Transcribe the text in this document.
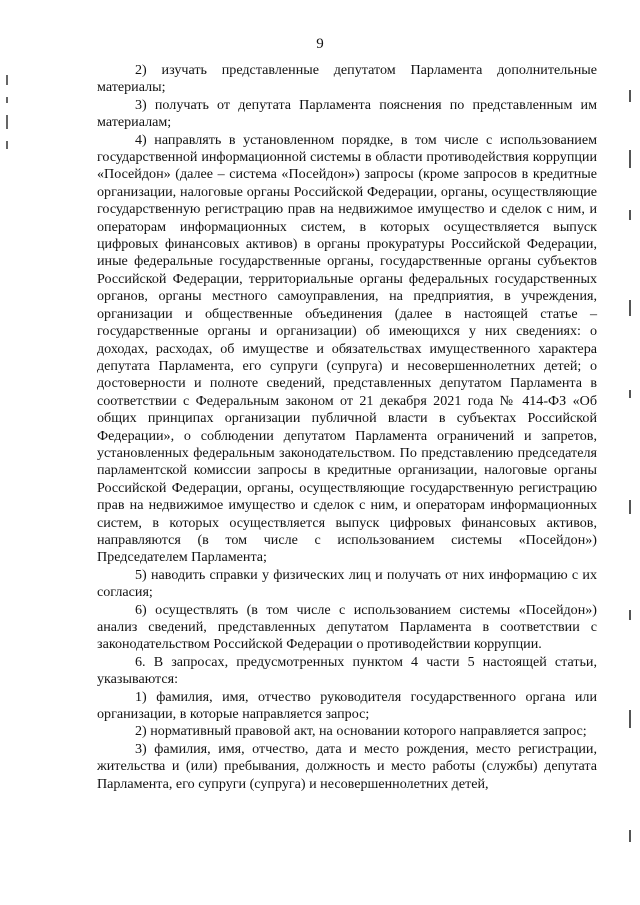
9

2) изучать представленные депутатом Парламента дополнительные материалы;

3) получать от депутата Парламента пояснения по представленным им материалам;

4) направлять в установленном порядке, в том числе с использованием государственной информационной системы в области противодействия коррупции «Посейдон» (далее – система «Посейдон») запросы (кроме запросов в кредитные организации, налоговые органы Российской Федерации, органы, осуществляющие государственную регистрацию прав на недвижимое имущество и сделок с ним, и операторам информационных систем, в которых осуществляется выпуск цифровых финансовых активов) в органы прокуратуры Российской Федерации, иные федеральные государственные органы, государственные органы субъектов Российской Федерации, территориальные органы федеральных государственных органов, органы местного самоуправления, на предприятия, в учреждения, организации и общественные объединения (далее в настоящей статье – государственные органы и организации) об имеющихся у них сведениях: о доходах, расходах, об имуществе и обязательствах имущественного характера депутата Парламента, его супруги (супруга) и несовершеннолетних детей; о достоверности и полноте сведений, представленных депутатом Парламента в соответствии с Федеральным законом от 21 декабря 2021 года № 414-ФЗ «Об общих принципах организации публичной власти в субъектах Российской Федерации», о соблюдении депутатом Парламента ограничений и запретов, установленных федеральным законодательством. По представлению председателя парламентской комиссии запросы в кредитные организации, налоговые органы Российской Федерации, органы, осуществляющие государственную регистрацию прав на недвижимое имущество и сделок с ним, и операторам информационных систем, в которых осуществляется выпуск цифровых финансовых активов, направляются (в том числе с использованием системы «Посейдон») Председателем Парламента;

5) наводить справки у физических лиц и получать от них информацию с их согласия;

6) осуществлять (в том числе с использованием системы «Посейдон») анализ сведений, представленных депутатом Парламента в соответствии с законодательством Российской Федерации о противодействии коррупции.

6. В запросах, предусмотренных пунктом 4 части 5 настоящей статьи, указываются:

1) фамилия, имя, отчество руководителя государственного органа или организации, в которые направляется запрос;

2) нормативный правовой акт, на основании которого направляется запрос;

3) фамилия, имя, отчество, дата и место рождения, место регистрации, жительства и (или) пребывания, должность и место работы (службы) депутата Парламента, его супруги (супруга) и несовершеннолетних детей,
